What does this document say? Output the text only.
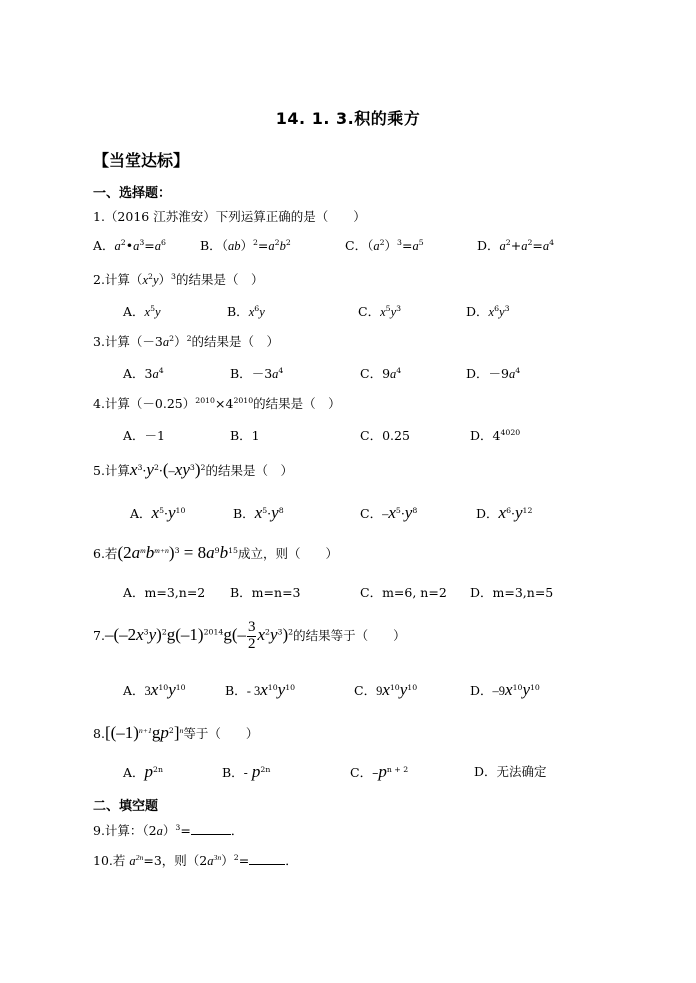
14. 1. 3.积的乘方
【当堂达标】
一、选择题：
1.（2016 江苏淮安）下列运算正确的是（　　）
A．$a^2•a^3=a^6$	B．$(ab)^2=a^2b^2$	C．$(a^2)^3=a^5$	D．$a^2+a^2=a^4$
2.计算$(x^2y)^3$的结果是（　）
A．$x^5y$	B．$x^6y$	C．$x^5y^3$	D．$x^6y^3$
3.计算$(-3a^2)^2$的结果是（　）
A．$3a^4$	B．$-3a^4$	C．$9a^4$	D．$-9a^4$
4.计算$(-0.25)^{2010}\times 4^{2010}$的结果是（　）
A．－1	B．1	C．0.25	D．$4^{4020}$
5.计算$x^3\cdot y^2\cdot(-xy^3)^2$的结果是（　）
A．$x^5\cdot y^{10}$	B．$x^5\cdot y^8$	C．$-x^5\cdot y^8$	D．$x^6\cdot y^{12}$
6.若$(2a^mb^{m+n})^3 = 8a^9b^{15}$成立，则（　　）
A．m=3,n=2 B．m=n=3	C．m=6, n=2 D．m=3,n=5
$7.-(-2x^3y)^2g(-1)^{2014}g(- \frac{3}{2} x^2y^3)^2$的结果等于（　　）
A．$3x^{10}y^{10}$	B．- $3x^{10}y^{10}$	C．$9x^{10}y^{10}$	D．$-9x^{10}y^{10}$
$8.[(-1)^{n+1}gp^2]^n$等于（　　）
A．$p^{2n}$	B．- $p^{2n}$	C．$-p^{n + 2}$	D．无法确定
二、填空题
9.计算：$(2a)^3=$	．
10.若 $a^{2n}=3$，则$(2a^{3n})^2=$	．
